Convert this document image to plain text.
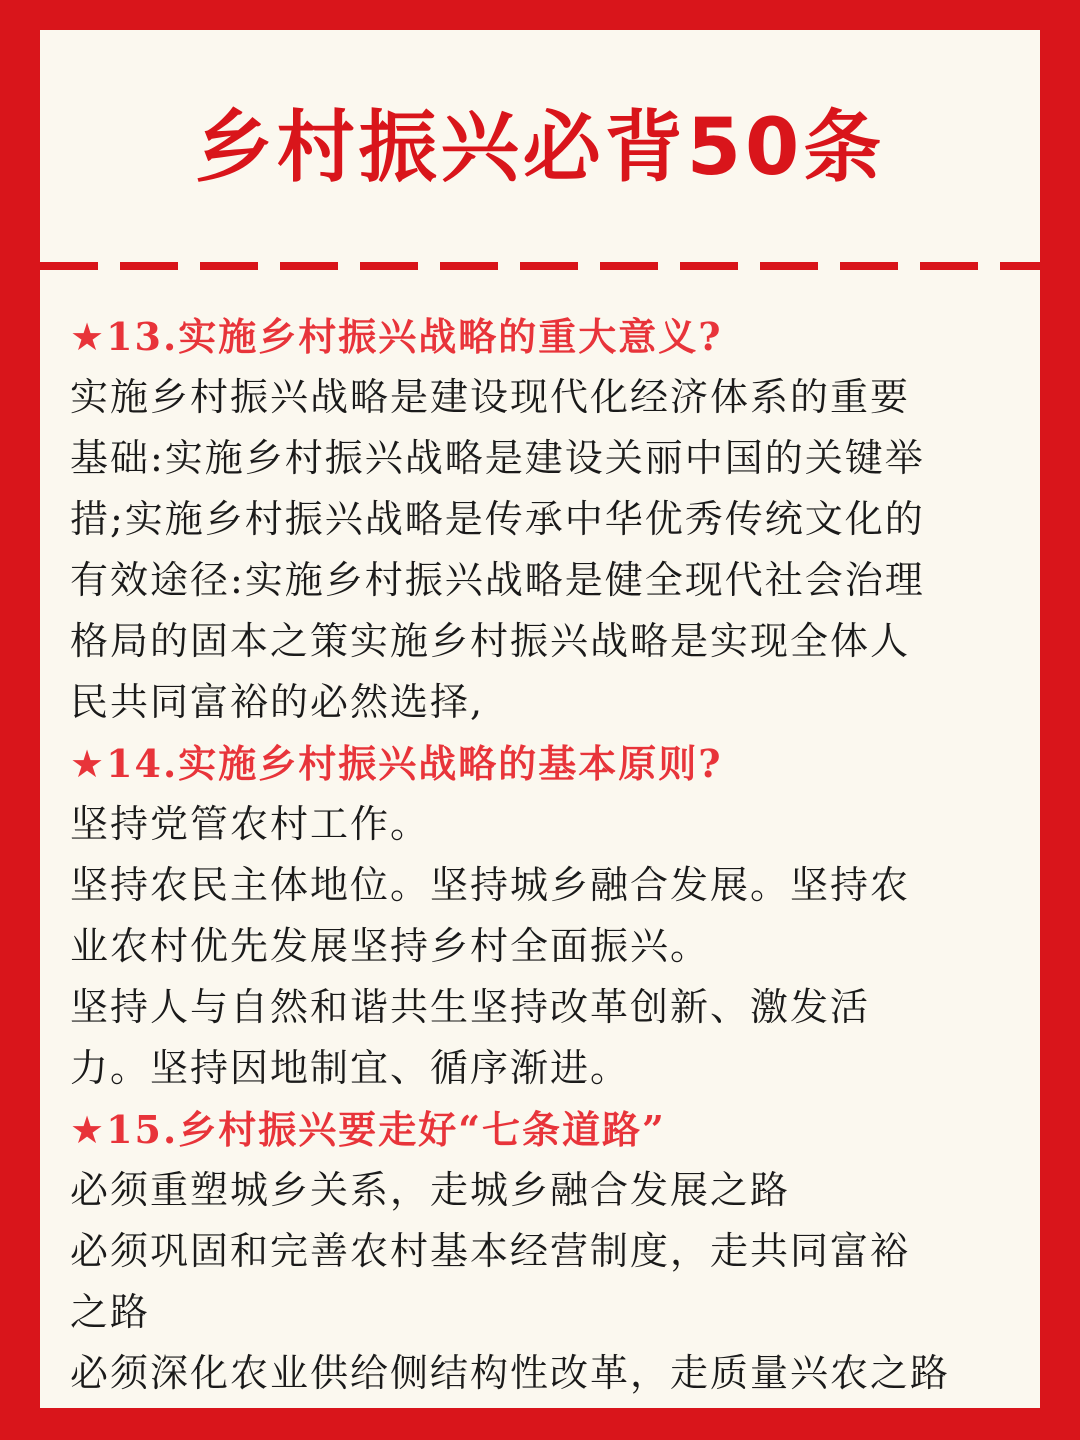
乡村振兴必背50条
★13.实施乡村振兴战略的重大意义?
实施乡村振兴战略是建设现代化经济体系的重要
基础:实施乡村振兴战略是建设关丽中国的关键举
措;实施乡村振兴战略是传承中华优秀传统文化的
有效途径:实施乡村振兴战略是健全现代社会治理
格局的固本之策实施乡村振兴战略是实现全体人
民共同富裕的必然选择,
★14.实施乡村振兴战略的基本原则?
坚持党管农村工作。
坚持农民主体地位。坚持城乡融合发展。坚持农
业农村优先发展坚持乡村全面振兴。
坚持人与自然和谐共生坚持改革创新、激发活
力。坚持因地制宜、循序渐进。
★15.乡村振兴要走好“七条道路”
必须重塑城乡关系，走城乡融合发展之路
必须巩固和完善农村基本经营制度，走共同富裕
之路
必须深化农业供给侧结构性改革，走质量兴农之路
